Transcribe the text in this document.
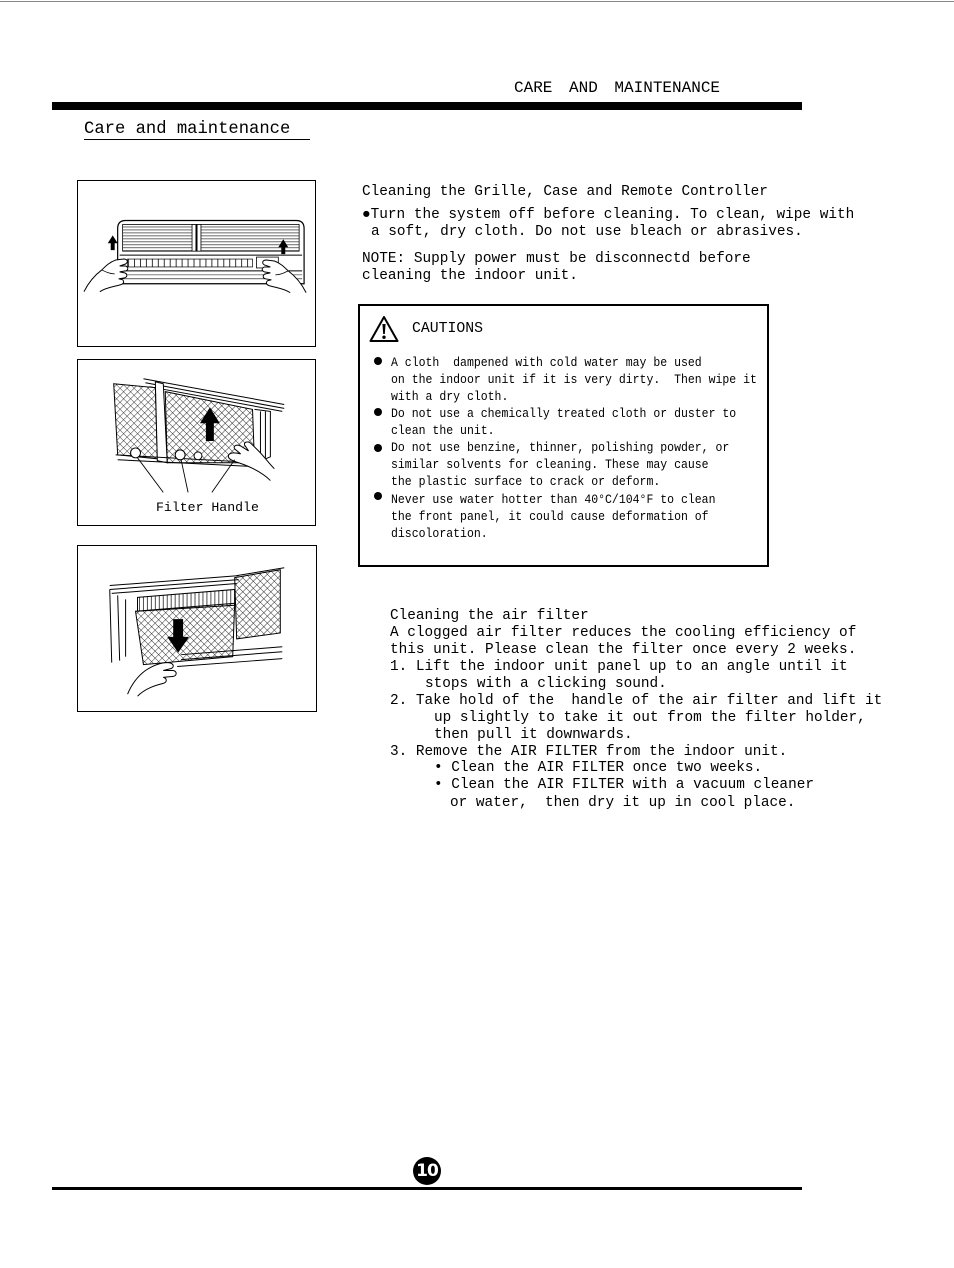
CARE AND MAINTENANCE
Care and maintenance
Filter Handle
Cleaning the Grille, Case and Remote Controller
●Turn the system off before cleaning. To clean, wipe with
a soft, dry cloth. Do not use bleach or abrasives.
NOTE: Supply power must be disconnectd before
cleaning the indoor unit.
CAUTIONS
A cloth  dampened with cold water may be used
on the indoor unit if it is very dirty.  Then wipe it
with a dry cloth.
Do not use a chemically treated cloth or duster to
clean the unit.
Do not use benzine, thinner, polishing powder, or
similar solvents for cleaning. These may cause
the plastic surface to crack or deform.
Never use water hotter than 40°C/104°F to clean
the front panel, it could cause deformation of
discoloration.
Cleaning the air filter
A clogged air filter reduces the cooling efficiency of
this unit. Please clean the filter once every 2 weeks.
1. Lift the indoor unit panel up to an angle until it
stops with a clicking sound.
2. Take hold of the  handle of the air filter and lift it
up slightly to take it out from the filter holder,
then pull it downwards.
3. Remove the AIR FILTER from the indoor unit.
• Clean the AIR FILTER once two weeks.
• Clean the AIR FILTER with a vacuum cleaner
or water,  then dry it up in cool place.
10
